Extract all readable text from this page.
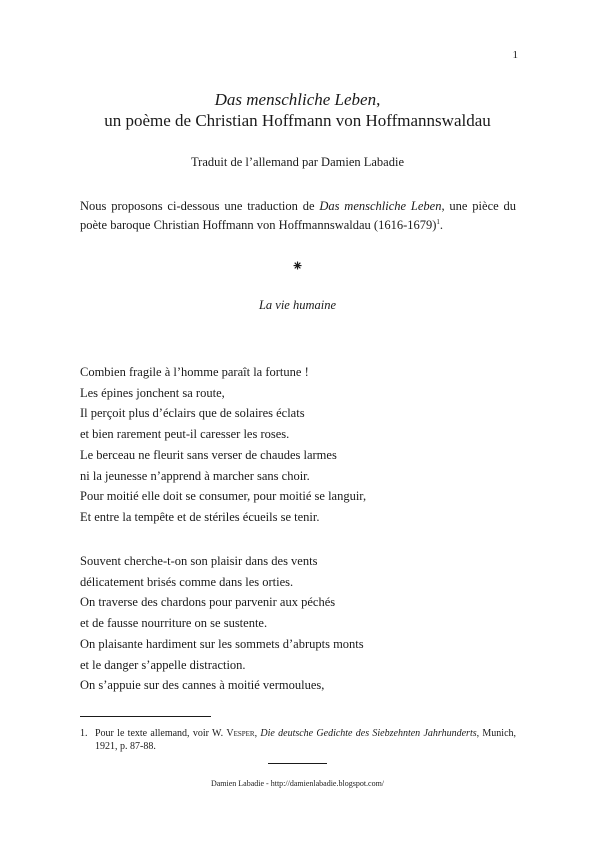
1
Das menschliche Leben,
un poème de Christian Hoffmann von Hoffmannswaldau
Traduit de l’allemand par Damien Labadie
Nous proposons ci-dessous une traduction de Das menschliche Leben, une pièce du poète baroque Christian Hoffmann von Hoffmannswaldau (1616-1679)$^1$.
⁕
La vie humaine
Combien fragile à l’homme paraît la fortune !
Les épines jonchent sa route,
Il perçoit plus d’éclairs que de solaires éclats
et bien rarement peut-il caresser les roses.
Le berceau ne fleurit sans verser de chaudes larmes
ni la jeunesse n’apprend à marcher sans choir.
Pour moitié elle doit se consumer, pour moitié se languir,
Et entre la tempête et de stériles écueils se tenir.
Souvent cherche-t-on son plaisir dans des vents
délicatement brisés comme dans les orties.
On traverse des chardons pour parvenir aux péchés
et de fausse nourriture on se sustente.
On plaisante hardiment sur les sommets d’abrupts monts
et le danger s’appelle distraction.
On s’appuie sur des cannes à moitié vermoulues,
1. Pour le texte allemand, voir W. Vesper, Die deutsche Gedichte des Siebzehnten Jahrhunderts, Munich, 1921, p. 87-88.
Damien Labadie - http://damienlabadie.blogspot.com/
